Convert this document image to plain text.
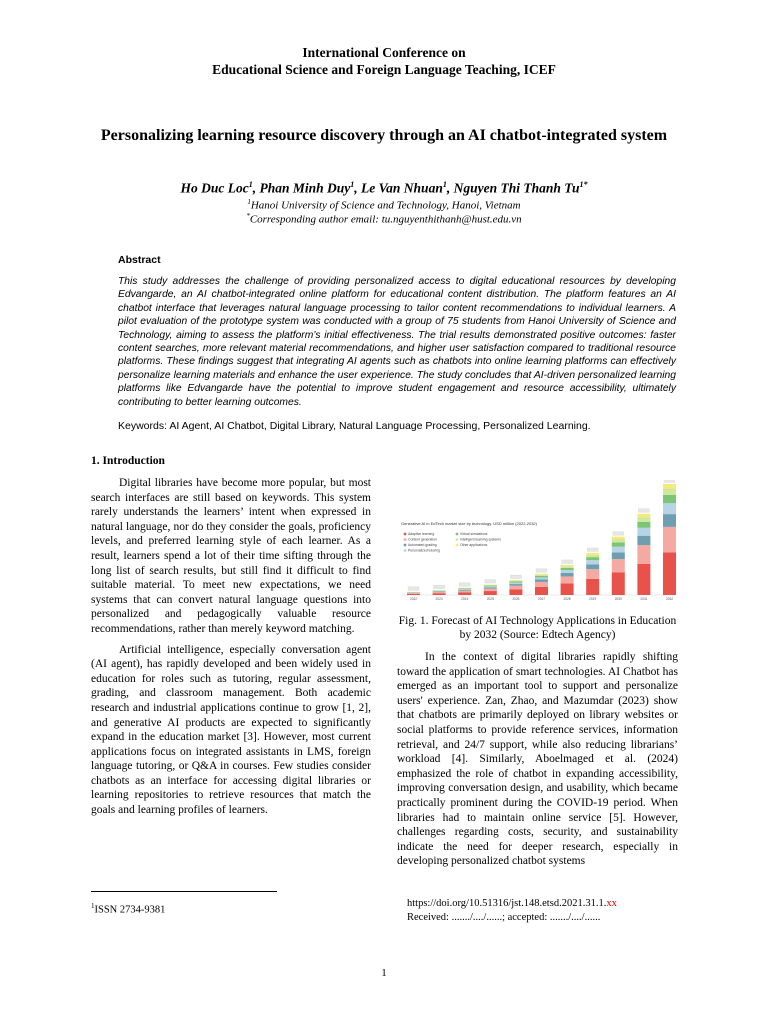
International Conference on
Educational Science and Foreign Language Teaching, ICEF
Personalizing learning resource discovery through an AI chatbot-integrated system
Ho Duc Loc$^1$, Phan Minh Duy$^1$, Le Van Nhuan$^1$, Nguyen Thi Thanh $Tu^{1*}$
$^1$Hanoi University of Science and Technology, Hanoi, Vietnam
*Corresponding author email: tu.nguyenthithanh@hust.edu.vn
Abstract
This study addresses the challenge of providing personalized access to digital educational resources by developing Edvangarde, an AI chatbot-integrated online platform for educational content distribution. The platform features an AI chatbot interface that leverages natural language processing to tailor content recommendations to individual learners. A pilot evaluation of the prototype system was conducted with a group of 75 students from Hanoi University of Science and Technology, aiming to assess the platform’s initial effectiveness. The trial results demonstrated positive outcomes: faster content searches, more relevant material recommendations, and higher user satisfaction compared to traditional resource platforms. These findings suggest that integrating AI agents such as chatbots into online learning platforms can effectively personalize learning materials and enhance the user experience. The study concludes that AI-driven personalized learning platforms like Edvangarde have the potential to improve student engagement and resource accessibility, ultimately contributing to better learning outcomes.
Keywords: AI Agent, AI Chatbot, Digital Library, Natural Language Processing, Personalized Learning.
1. Introduction

Digital libraries have become more popular, but most search interfaces are still based on keywords. This system rarely understands the learners’ intent when expressed in natural language, nor do they consider the goals, proficiency levels, and preferred learning style of each learner. As a result, learners spend a lot of their time sifting through the long list of search results, but still find it difficult to find suitable material. To meet new expectations, we need systems that can convert natural language questions into personalized and pedagogically valuable resource recommendations, rather than merely keyword matching.

Artificial intelligence, especially conversation agent (AI agent), has rapidly developed and been widely used in education for roles such as tutoring, regular assessment, grading, and classroom management. Both academic research and industrial applications continue to grow [1, 2], and generative AI products are expected to significantly expand in the education market [3]. However, most current applications focus on integrated assistants in LMS, foreign language tutoring, or Q&A in courses. Few studies consider chatbots as an interface for accessing digital libraries or learning repositories to retrieve resources that match the goals and learning profiles of learners.

Generative AI in EdTech market size by technology, USD million (2022-2032)
Adaptive learning
Content generation
Automated grading
Personalized tutoring
Virtual simulations
Intelligent learning systems
Other applications
2022	2023	2024	2025	2026	2027	2028	2029	2030	2031	2032
Fig. 1. Forecast of AI Technology Applications in Education by 2032 (Source: Edtech Agency)

In the context of digital libraries rapidly shifting toward the application of smart technologies. AI Chatbot has emerged as an important tool to support and personalize users' experience. Zan, Zhao, and Mazumdar (2023) show that chatbots are primarily deployed on library websites or social platforms to provide reference services, information retrieval, and 24/7 support, while also reducing librarians’ workload [4]. Similarly, Aboelmaged et al. (2024) emphasized the role of chatbot in expanding accessibility, improving conversation design, and usability, which became practically prominent during the COVID-19 period. When libraries had to maintain online service [5]. However, challenges regarding costs, security, and sustainability indicate the need for deeper research, especially in developing personalized chatbot systems

$^1$ISSN 2734-9381
https://doi.org/10.51316/jst.148.etsd.2021.31.1.xx
Received: ......./..../......; accepted: ......./..../......
1
